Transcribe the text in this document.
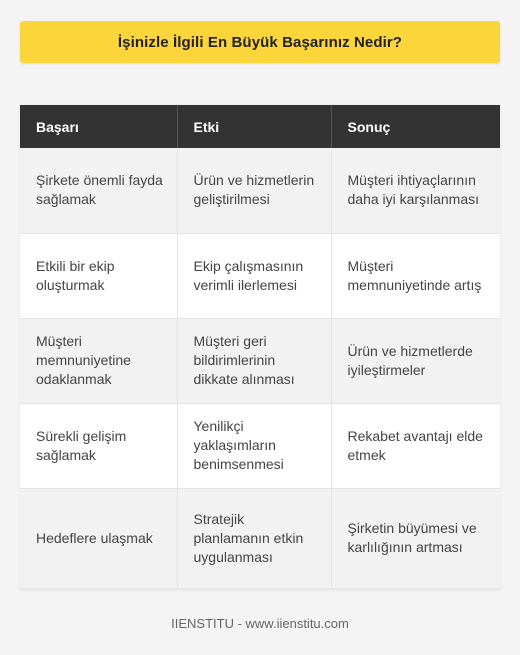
İşinizle İlgili En Büyük Başarınız Nedir?
Başarı	Etki	Sonuç
Şirkete önemli fayda sağlamak	Ürün ve hizmetlerin geliştirilmesi	Müşteri ihtiyaçlarının daha iyi karşılanması
Etkili bir ekip oluşturmak	Ekip çalışmasının verimli ilerlemesi	Müşteri memnuniyetinde artış
Müşteri memnuniyetine odaklanmak	Müşteri geri bildirimlerinin dikkate alınması	Ürün ve hizmetlerde iyileştirmeler
Sürekli gelişim sağlamak	Yenilikçi yaklaşımların benimsenmesi	Rekabet avantajı elde etmek
Hedeflere ulaşmak	Stratejik planlamanın etkin uygulanması	Şirketin büyümesi ve karlılığının artması
IIENSTITU - www.iienstitu.com
